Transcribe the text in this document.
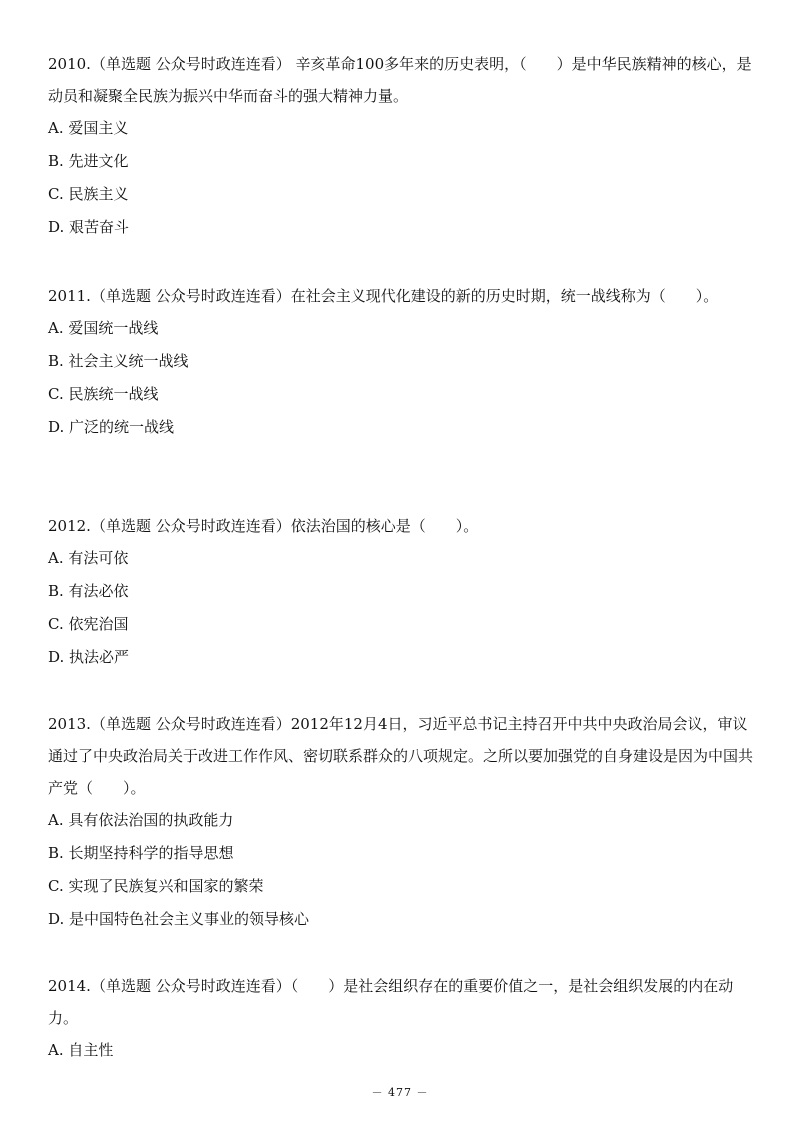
2010.（单选题 公众号时政连连看） 辛亥革命100多年来的历史表明，（　　）是中华民族精神的核心，是动员和凝聚全民族为振兴中华而奋斗的强大精神力量。

A. 爱国主义

B. 先进文化

C. 民族主义

D. 艰苦奋斗

2011.（单选题 公众号时政连连看）在社会主义现代化建设的新的历史时期，统一战线称为（　　）。

A. 爱国统一战线

B. 社会主义统一战线

C. 民族统一战线

D. 广泛的统一战线

2012.（单选题 公众号时政连连看）依法治国的核心是（　　）。

A. 有法可依

B. 有法必依

C. 依宪治国

D. 执法必严

2013.（单选题 公众号时政连连看）2012年12月4日，习近平总书记主持召开中共中央政治局会议，审议通过了中央政治局关于改进工作作风、密切联系群众的八项规定。之所以要加强党的自身建设是因为中国共产党（　　）。

A. 具有依法治国的执政能力

B. 长期坚持科学的指导思想

C. 实现了民族复兴和国家的繁荣

D. 是中国特色社会主义事业的领导核心

2014.（单选题 公众号时政连连看）（　　）是社会组织存在的重要价值之一，是社会组织发展的内在动力。

A. 自主性

－ 477 －
